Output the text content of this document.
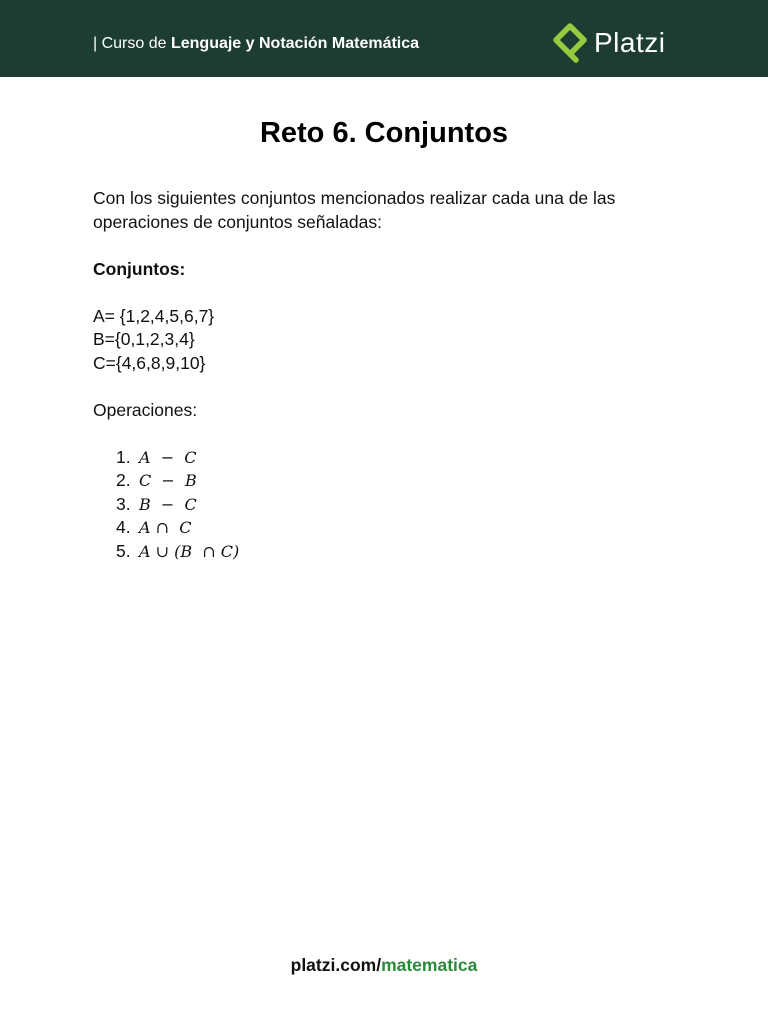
| Curso de Lenguaje y Notación Matemática	Platzi
Reto 6. Conjuntos

Con los siguientes conjuntos mencionados realizar cada una de las operaciones de conjuntos señaladas:

Conjuntos:

A= {1,2,4,5,6,7}

B={0,1,2,3,4}

C={4,6,8,9,10}

Operaciones:

1. A  −  C
2. C  −  B
3. B  −  C
4. A ∩  C
5. A ∪ (B  ∩ C)
platzi.com/matematica
